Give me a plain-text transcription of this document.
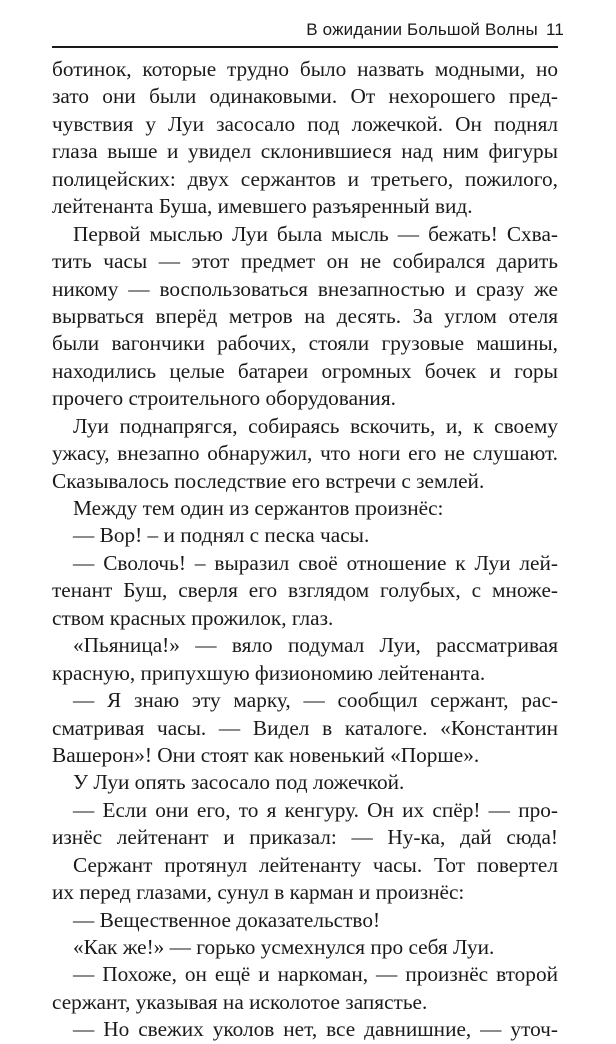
В ожидании Большой Волны 11
ботинок, которые трудно было назвать модными, но
зато они были одинаковыми. От нехорошего пред-
чувствия у Луи засосало под ложечкой. Он поднял
глаза выше и увидел склонившиеся над ним фигуры
полицейских: двух сержантов и третьего, пожилого,
лейтенанта Буша, имевшего разъяренный вид.
Первой мыслью Луи была мысль — бежать! Схва-
тить часы — этот предмет он не собирался дарить
никому — воспользоваться внезапностью и сразу же
вырваться вперёд метров на десять. За углом отеля
были вагончики рабочих, стояли грузовые машины,
находились целые батареи огромных бочек и горы
прочего строительного оборудования.
Луи поднапрягся, собираясь вскочить, и, к своему
ужасу, внезапно обнаружил, что ноги его не слушают.
Сказывалось последствие его встречи с землей.
Между тем один из сержантов произнёс:
— Вор! – и поднял с песка часы.
— Сволочь! – выразил своё отношение к Луи лей-
тенант Буш, сверля его взглядом голубых, с множе-
ством красных прожилок, глаз.
«Пьяница!» — вяло подумал Луи, рассматривая
красную, припухшую физиономию лейтенанта.
— Я знаю эту марку, — сообщил сержант, рас-
сматривая часы. — Видел в каталоге. «Константин
Вашерон»! Они стоят как новенький «Порше».
У Луи опять засосало под ложечкой.
— Если они его, то я кенгуру. Он их спёр! — про-
изнёс лейтенант и приказал: — Ну-ка, дай сюда!
Сержант протянул лейтенанту часы. Тот повертел
их перед глазами, сунул в карман и произнёс:
— Вещественное доказательство!
«Как же!» — горько усмехнулся про себя Луи.
— Похоже, он ещё и наркоман, — произнёс второй
сержант, указывая на исколотое запястье.
— Но свежих уколов нет, все давнишние, — уточ-
